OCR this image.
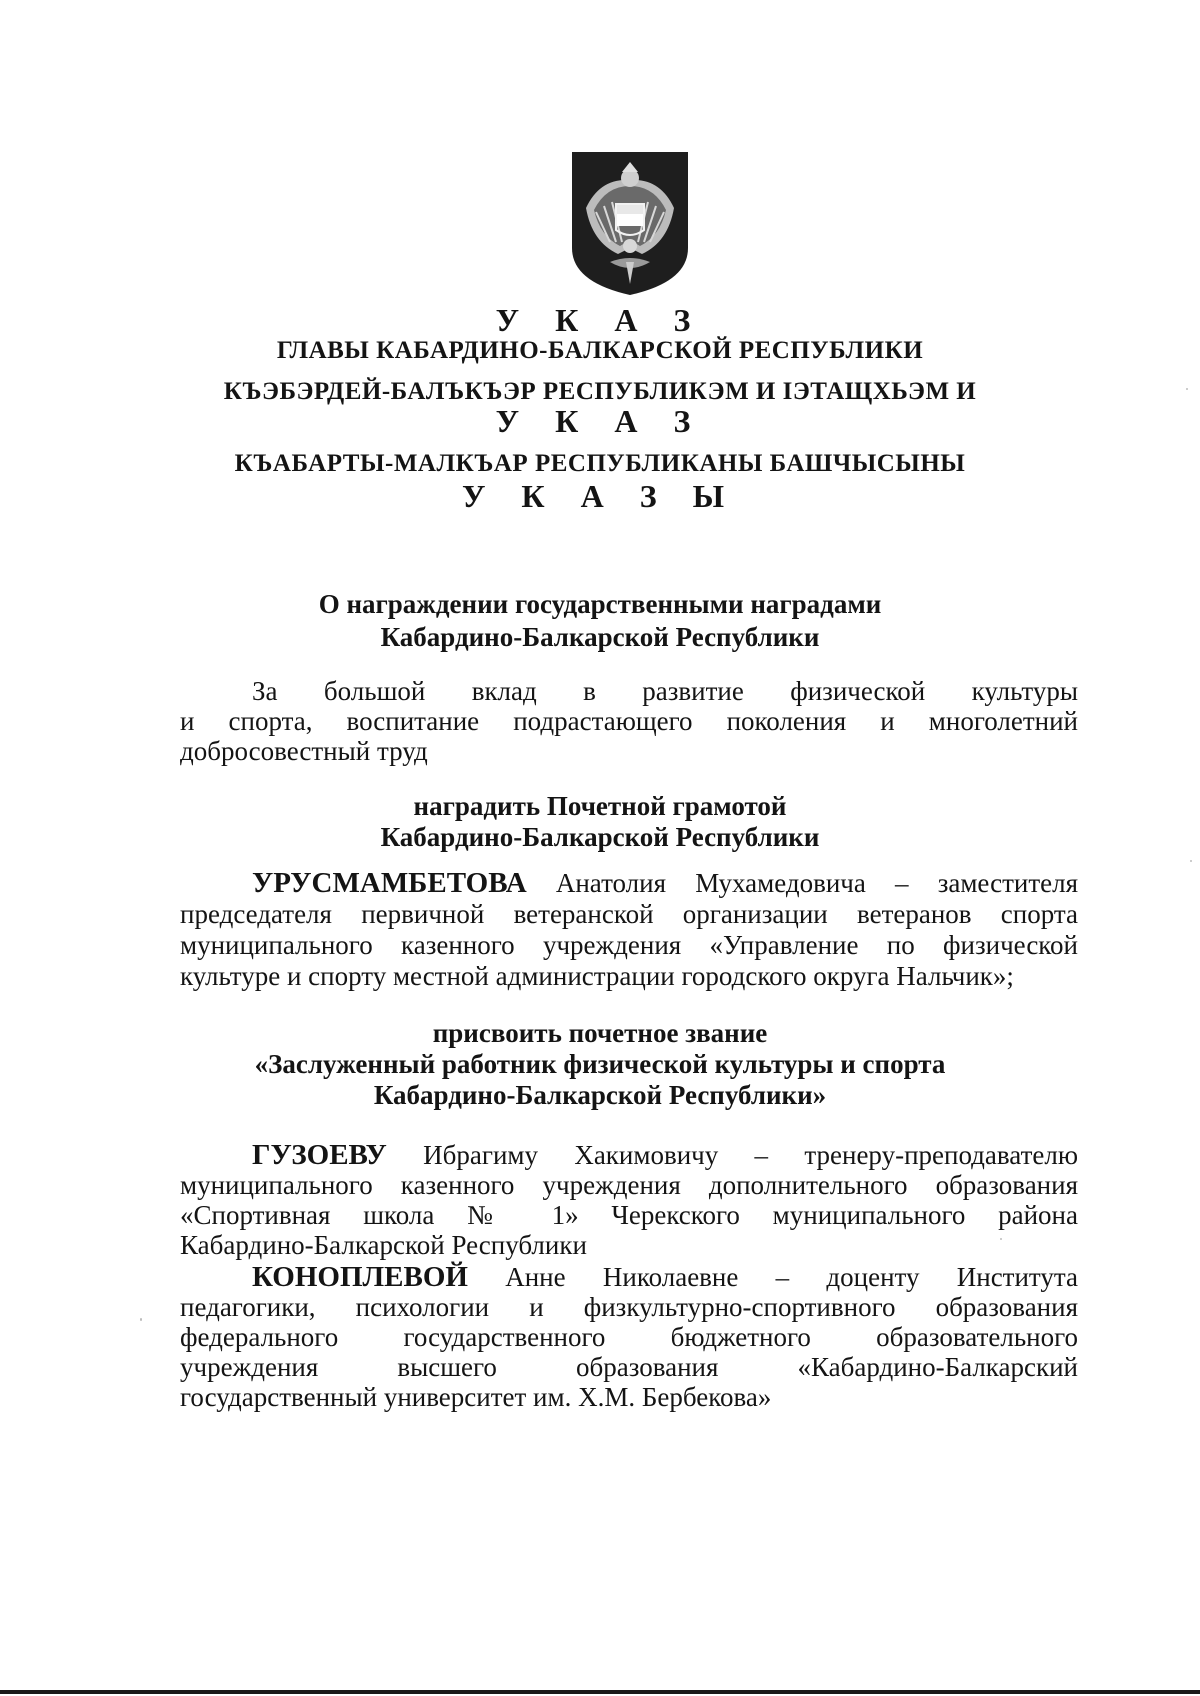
У К А З
ГЛАВЫ КАБАРДИНО-БАЛКАРСКОЙ РЕСПУБЛИКИ
КЪЭБЭРДЕЙ-БАЛЪКЪЭР РЕСПУБЛИКЭМ И ІЭТАЩХЬЭМ И
У К А З
КЪАБАРТЫ-МАЛКЪАР РЕСПУБЛИКАНЫ БАШЧЫСЫНЫ
У К А З Ы
О награждении государственными наградами
Кабардино-Балкарской Республики
За большой вклад в развитие физической культуры
и спорта, воспитание подрастающего поколения и многолетний
добросовестный труд
наградить Почетной грамотой
Кабардино-Балкарской Республики
УРУСМАМБЕТОВА Анатолия Мухамедовича – заместителя
председателя первичной ветеранской организации ветеранов спорта
муниципального казенного учреждения «Управление по физической
культуре и спорту местной администрации городского округа Нальчик»;
присвоить почетное звание
«Заслуженный работник физической культуры и спорта
Кабардино-Балкарской Республики»
ГУЗОЕВУ Ибрагиму Хакимовичу – тренеру-преподавателю
муниципального казенного учреждения дополнительного образования
«Спортивная школа № 1» Черекского муниципального района
Кабардино-Балкарской Республики
КОНОПЛЕВОЙ Анне Николаевне – доценту Института
педагогики, психологии и физкультурно-спортивного образования
федерального государственного бюджетного образовательного
учреждения высшего образования «Кабардино-Балкарский
государственный университет им. Х.М. Бербекова»
